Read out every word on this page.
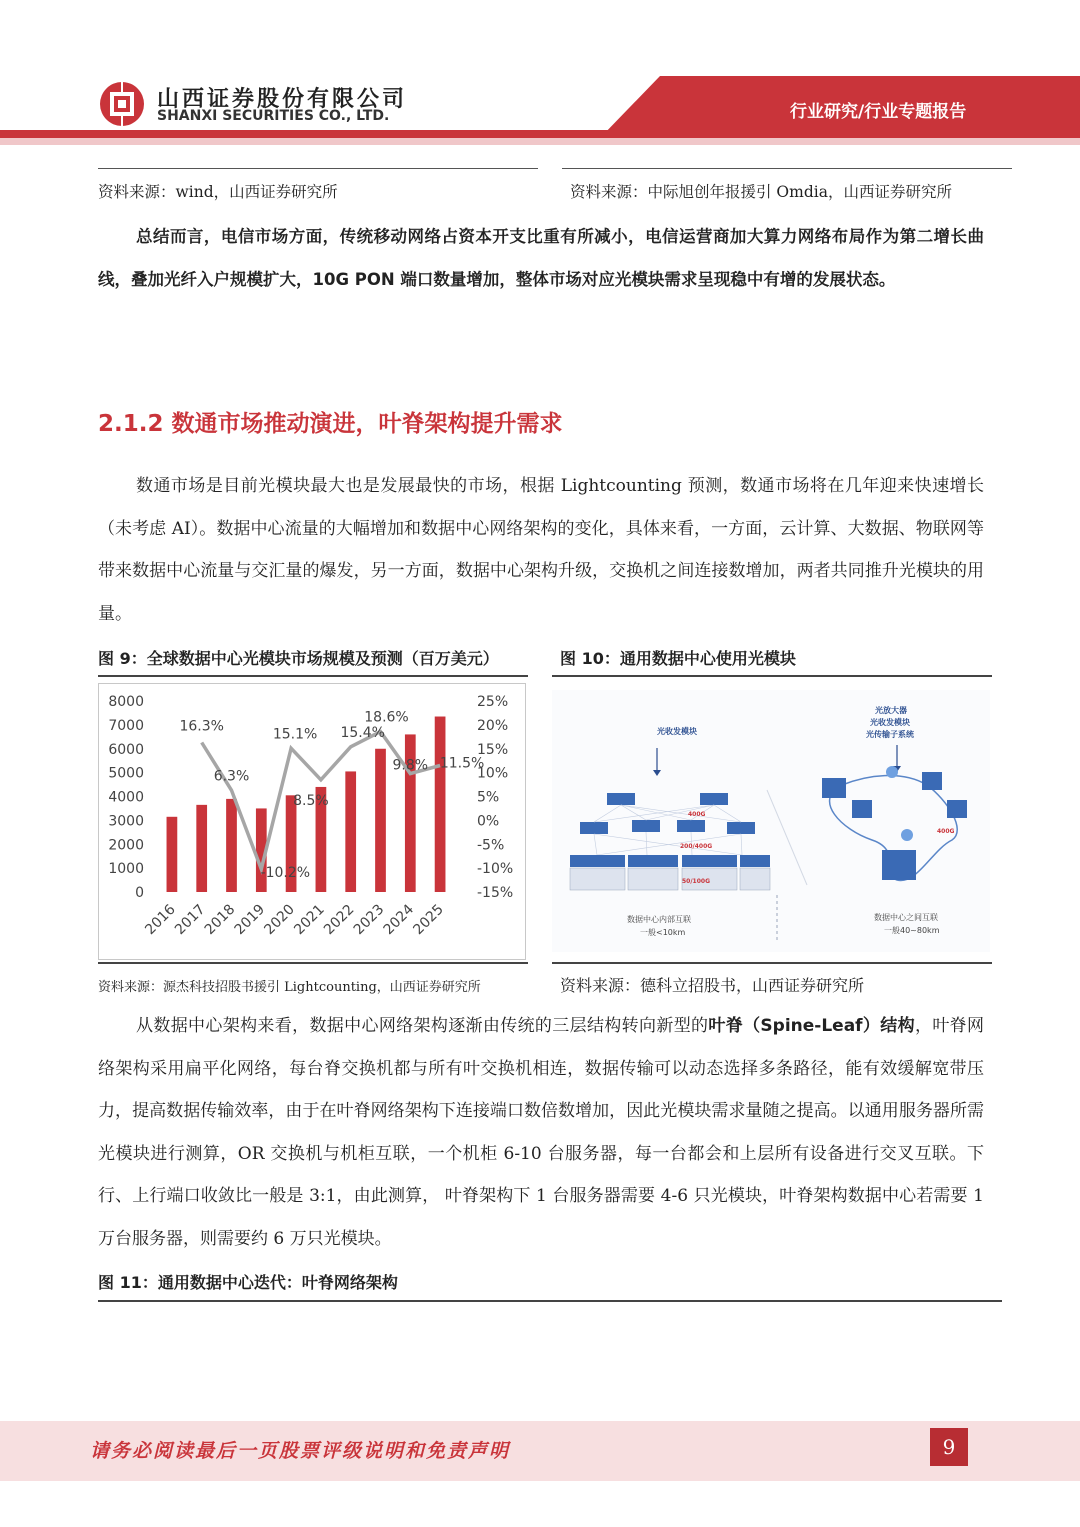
山西证券股份有限公司
SHANXI SECURITIES CO., LTD.	行业研究/行业专题报告
资料来源：wind，山西证券研究所	资料来源：中际旭创年报援引 Omdia，山西证券研究所
总结而言，电信市场方面，传统移动网络占资本开支比重有所减小，电信运营商加大算力网络布局作为第二增长曲线，叠加光纤入户规模扩大，10G PON 端口数量增加，整体市场对应光模块需求呈现稳中有增的发展状态。
2.1.2 数通市场推动演进，叶脊架构提升需求
数通市场是目前光模块最大也是发展最快的市场，根据 Lightcounting 预测，数通市场将在几年迎来快速增长（未考虑 AI）。数据中心流量的大幅增加和数据中心网络架构的变化，具体来看，一方面，云计算、大数据、物联网等带来数据中心流量与交汇量的爆发，另一方面，数据中心架构升级，交换机之间连接数增加，两者共同推升光模块的用量。
图 9：全球数据中心光模块市场规模及预测（百万美元）	图 10：通用数据中心使用光模块
8000
7000
6000
5000
4000
3000
2000
1000
0
25%
20%
15%
10%
5%
0%
-5%
-10%
-15%
16.3%
6.3%
-10.2%
15.1%
8.5%
15.4%
18.6%
9.8% 11.5%
2016
2017
2018
2019
2020
2021
2022
2023
2024
2025
光收发模块
400G
200/400G
50/100G
数据中心内部互联
一般<10km
光放大器
光收发模块
光传输子系统
400G
数据中心之间互联
一般40~80km
资料来源：源杰科技招股书援引 Lightcounting，山西证券研究所	资料来源：德科立招股书，山西证券研究所
从数据中心架构来看，数据中心网络架构逐渐由传统的三层结构转向新型的叶脊（Spine-Leaf）结构，叶脊网络架构采用扁平化网络，每台脊交换机都与所有叶交换机相连，数据传输可以动态选择多条路径，能有效缓解宽带压力，提高数据传输效率，由于在叶脊网络架构下连接端口数倍数增加，因此光模块需求量随之提高。以通用服务器所需光模块进行测算，OR 交换机与机柜互联，一个机柜 6-10 台服务器，每一台都会和上层所有设备进行交叉互联。下行、上行端口收敛比一般是 3:1，由此测算， 叶脊架构下 1 台服务器需要 4-6 只光模块，叶脊架构数据中心若需要 1 万台服务器，则需要约 6 万只光模块。
图 11：通用数据中心迭代：叶脊网络架构
请务必阅读最后一页股票评级说明和免责声明	9
